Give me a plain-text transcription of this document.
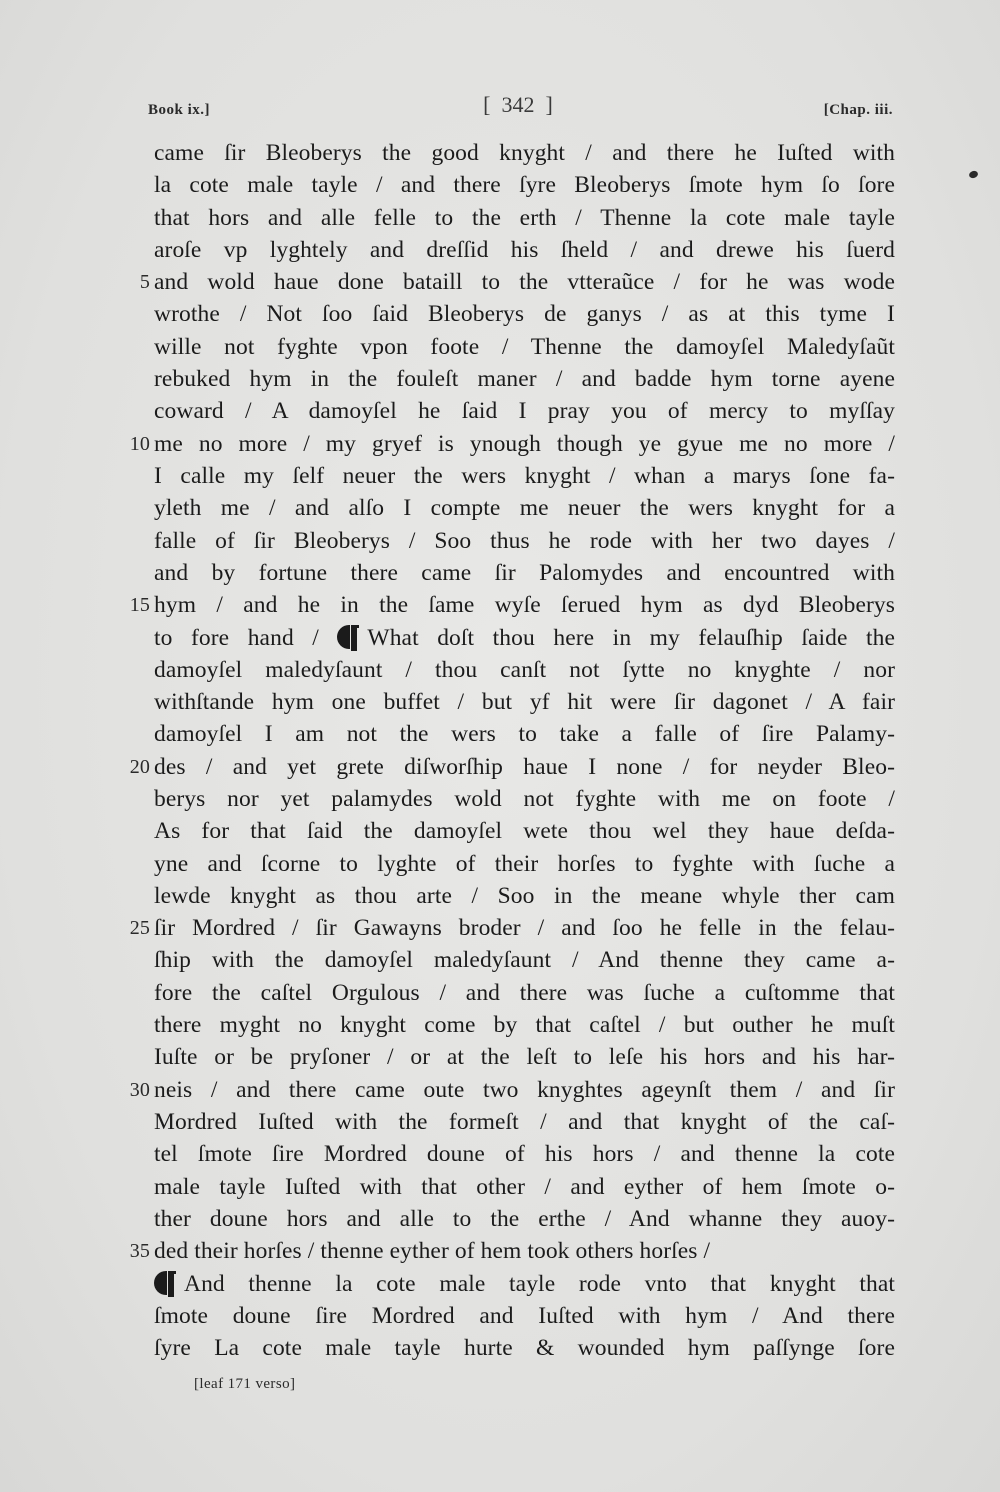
Book ix.]	[  342  ]	[Chap. iii.
came ſir Bleoberys the good knyght / and there he Iuſted with
la cote male tayle / and there ſyre Bleoberys ſmote hym ſo ſore
that hors and alle felle to the erth / Thenne la cote male tayle
aroſe vp lyghtely and dreſſid his ſheld / and drewe his ſuerd
5 and wold haue done bataill to the vtteraũce / for he was wode
wrothe / Not ſoo ſaid Bleoberys de ganys / as at this tyme I
wille not fyghte vpon foote / Thenne the damoyſel Maledyſaũt
rebuked hym in the fouleſt maner / and badde hym torne ayene
coward / A damoyſel he ſaid I pray you of mercy to myſſay
10 me no more / my gryef is ynough though ye gyue me no more /
I calle my ſelf neuer the wers knyght / whan a marys ſone fa-
yleth me / and alſo I compte me neuer the wers knyght for a
falle of ſir Bleoberys / Soo thus he rode with her two dayes /
and by fortune there came ſir Palomydes and encountred with
15 hym / and he in the ſame wyſe ſerued hym as dyd Bleoberys
to fore hand /
What doſt thou here in my felauſhip ſaide the
damoyſel maledyſaunt / thou canſt not ſytte no knyghte / nor
withſtande hym one buffet / but yf hit were ſir dagonet / A fair
damoyſel I am not the wers to take a falle of ſire Palamy-
20 des / and yet grete diſworſhip haue I none / for neyder Bleo-
berys nor yet palamydes wold not fyghte with me on foote /
As for that ſaid the damoyſel wete thou wel they haue deſda-
yne and ſcorne to lyghte of their horſes to fyghte with ſuche a
lewde knyght as thou arte / Soo in the meane whyle ther cam
25 ſir Mordred / ſir Gawayns broder / and ſoo he felle in the felau-
ſhip with the damoyſel maledyſaunt / And thenne they came a-
fore the caſtel Orgulous / and there was ſuche a cuſtomme that
there myght no knyght come by that caſtel / but outher he muſt
Iuſte or be pryſoner / or at the leſt to leſe his hors and his har-
30 neis / and there came oute two knyghtes ageynſt them / and ſir
Mordred Iuſted with the formeſt / and that knyght of the caſ-
tel ſmote ſire Mordred doune of his hors / and thenne la cote
male tayle Iuſted with that other / and eyther of hem ſmote o-
ther doune hors and alle to the erthe / And whanne they auoy-
35 ded their horſes / thenne eyther of hem took others horſes /
And thenne la cote male tayle rode vnto that knyght that
ſmote doune ſire Mordred and Iuſted with hym / And there
ſyre La cote male tayle hurte & wounded hym paſſynge ſore
[leaf 171 verso]
